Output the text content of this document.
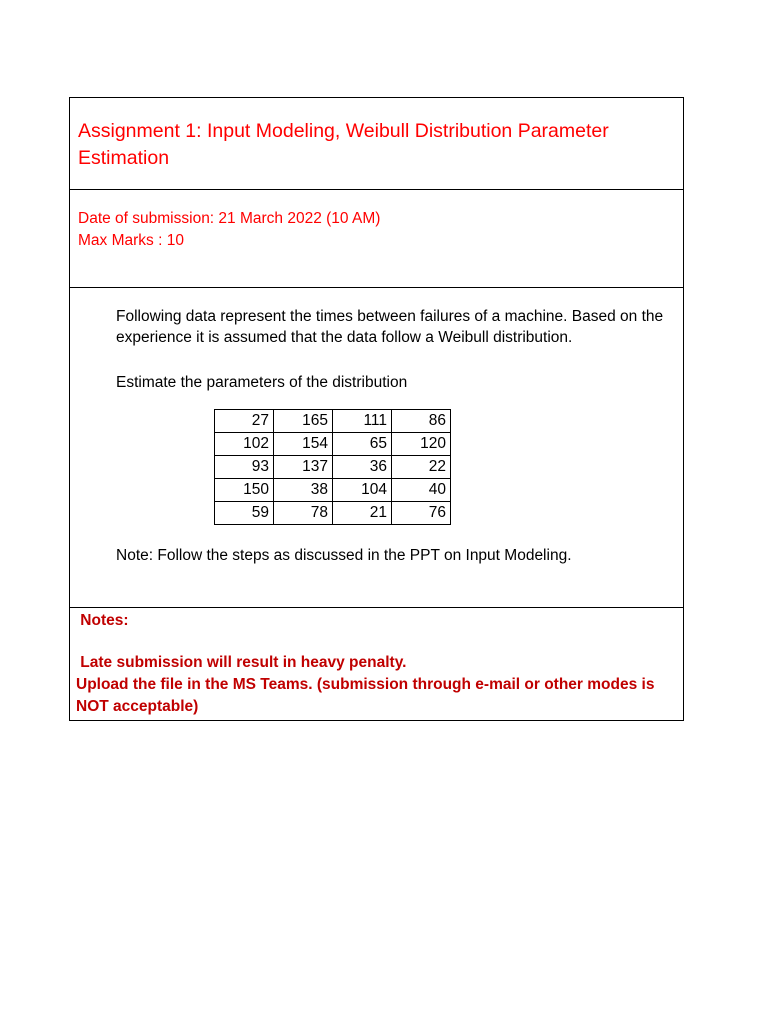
Assignment 1: Input Modeling, Weibull Distribution Parameter Estimation

Date of submission: 21 March 2022 (10 AM)

Max Marks : 10

Following data represent the times between failures of a machine. Based on the experience it is assumed that the data follow a Weibull distribution.

Estimate the parameters of the distribution

27	165	111	86
102	154	65	120
93	137	36	22
150	38	104	40
59	78	21	76

Note: Follow the steps as discussed in the PPT on Input Modeling.

Notes:

Late submission will result in heavy penalty.

Upload the file in the MS Teams. (submission through e-mail or other modes is NOT acceptable)
